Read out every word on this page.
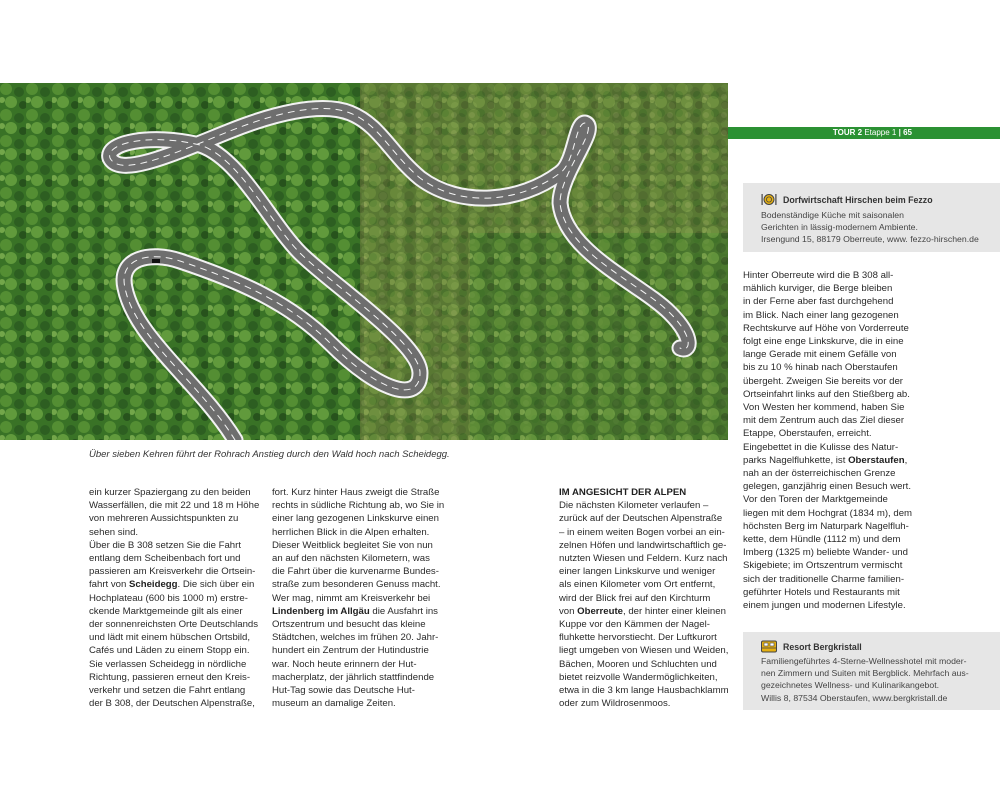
Über sieben Kehren führt der Rohrach Anstieg durch den Wald hoch nach Scheidegg.
TOUR 2 Etappe 1 | 65
Dorfwirtschaft Hirschen beim Fezzo
Bodenständige Küche mit saisonalen
Gerichten in lässig-modernem Ambiente.
Irsengund 15, 88179 Oberreute, www. fezzo-hirschen.de
Resort Bergkristall
Familiengeführtes 4-Sterne-Wellnesshotel mit moder-
nen Zimmern und Suiten mit Bergblick. Mehrfach aus-
gezeichnetes Wellness- und Kulinarikangebot.
Willis 8, 87534 Oberstaufen, www.bergkristall.de

ein kurzer Spaziergang zu den beiden

Wasserfällen, die mit 22 und 18 m Höhe

von mehreren Aussichtspunkten zu

sehen sind.

Über die B 308 setzen Sie die Fahrt

entlang dem Scheibenbach fort und

passieren am Kreisverkehr die Ortsein-

fahrt von Scheidegg. Die sich über ein

Hochplateau (600 bis 1000 m) erstre-

ckende Marktgemeinde gilt als einer

der sonnenreichsten Orte Deutschlands

und lädt mit einem hübschen Ortsbild,

Cafés und Läden zu einem Stopp ein.

Sie verlassen Scheidegg in nördliche

Richtung, passieren erneut den Kreis-

verkehr und setzen die Fahrt entlang

der B 308, der Deutschen Alpenstraße,

fort. Kurz hinter Haus zweigt die Straße

rechts in südliche Richtung ab, wo Sie in

einer lang gezogenen Linkskurve einen

herrlichen Blick in die Alpen erhalten.

Dieser Weitblick begleitet Sie von nun

an auf den nächsten Kilometern, was

die Fahrt über die kurvenarme Bundes-

straße zum besonderen Genuss macht.

Wer mag, nimmt am Kreisverkehr bei

Lindenberg im Allgäu die Ausfahrt ins

Ortszentrum und besucht das kleine

Städtchen, welches im frühen 20. Jahr-

hundert ein Zentrum der Hutindustrie

war. Noch heute erinnern der Hut-

macherplatz, der jährlich stattfindende

Hut-Tag sowie das Deutsche Hut-

museum an damalige Zeiten.

IM ANGESICHT DER ALPEN

Die nächsten Kilometer verlaufen –

zurück auf der Deutschen Alpenstraße

– in einem weiten Bogen vorbei an ein-

zelnen Höfen und landwirtschaftlich ge-

nutzten Wiesen und Feldern. Kurz nach

einer langen Linkskurve und weniger

als einen Kilometer vom Ort entfernt,

wird der Blick frei auf den Kirchturm

von Oberreute, der hinter einer kleinen

Kuppe vor den Kämmen der Nagel-

fluhkette hervorstiecht. Der Luftkurort

liegt umgeben von Wiesen und Weiden,

Bächen, Mooren und Schluchten und

bietet reizvolle Wandermöglichkeiten,

etwa in die 3 km lange Hausbachklamm

oder zum Wildrosenmoos.

Hinter Oberreute wird die B 308 all-

mählich kurviger, die Berge bleiben

in der Ferne aber fast durchgehend

im Blick. Nach einer lang gezogenen

Rechtskurve auf Höhe von Vorderreute

folgt eine enge Linkskurve, die in eine

lange Gerade mit einem Gefälle von

bis zu 10 % hinab nach Oberstaufen

übergeht. Zweigen Sie bereits vor der

Ortseinfahrt links auf den Stießberg ab.

Von Westen her kommend, haben Sie

mit dem Zentrum auch das Ziel dieser

Etappe, Oberstaufen, erreicht.

Eingebettet in die Kulisse des Natur-

parks Nagelfluhkette, ist Oberstaufen,

nah an der österreichischen Grenze

gelegen, ganzjährig einen Besuch wert.

Vor den Toren der Marktgemeinde

liegen mit dem Hochgrat (1834 m), dem

höchsten Berg im Naturpark Nagelfluh-

kette, dem Hündle (1112 m) und dem

Imberg (1325 m) beliebte Wander- und

Skigebiete; im Ortszentrum vermischt

sich der traditionelle Charme familien-

geführter Hotels und Restaurants mit

einem jungen und modernen Lifestyle.
